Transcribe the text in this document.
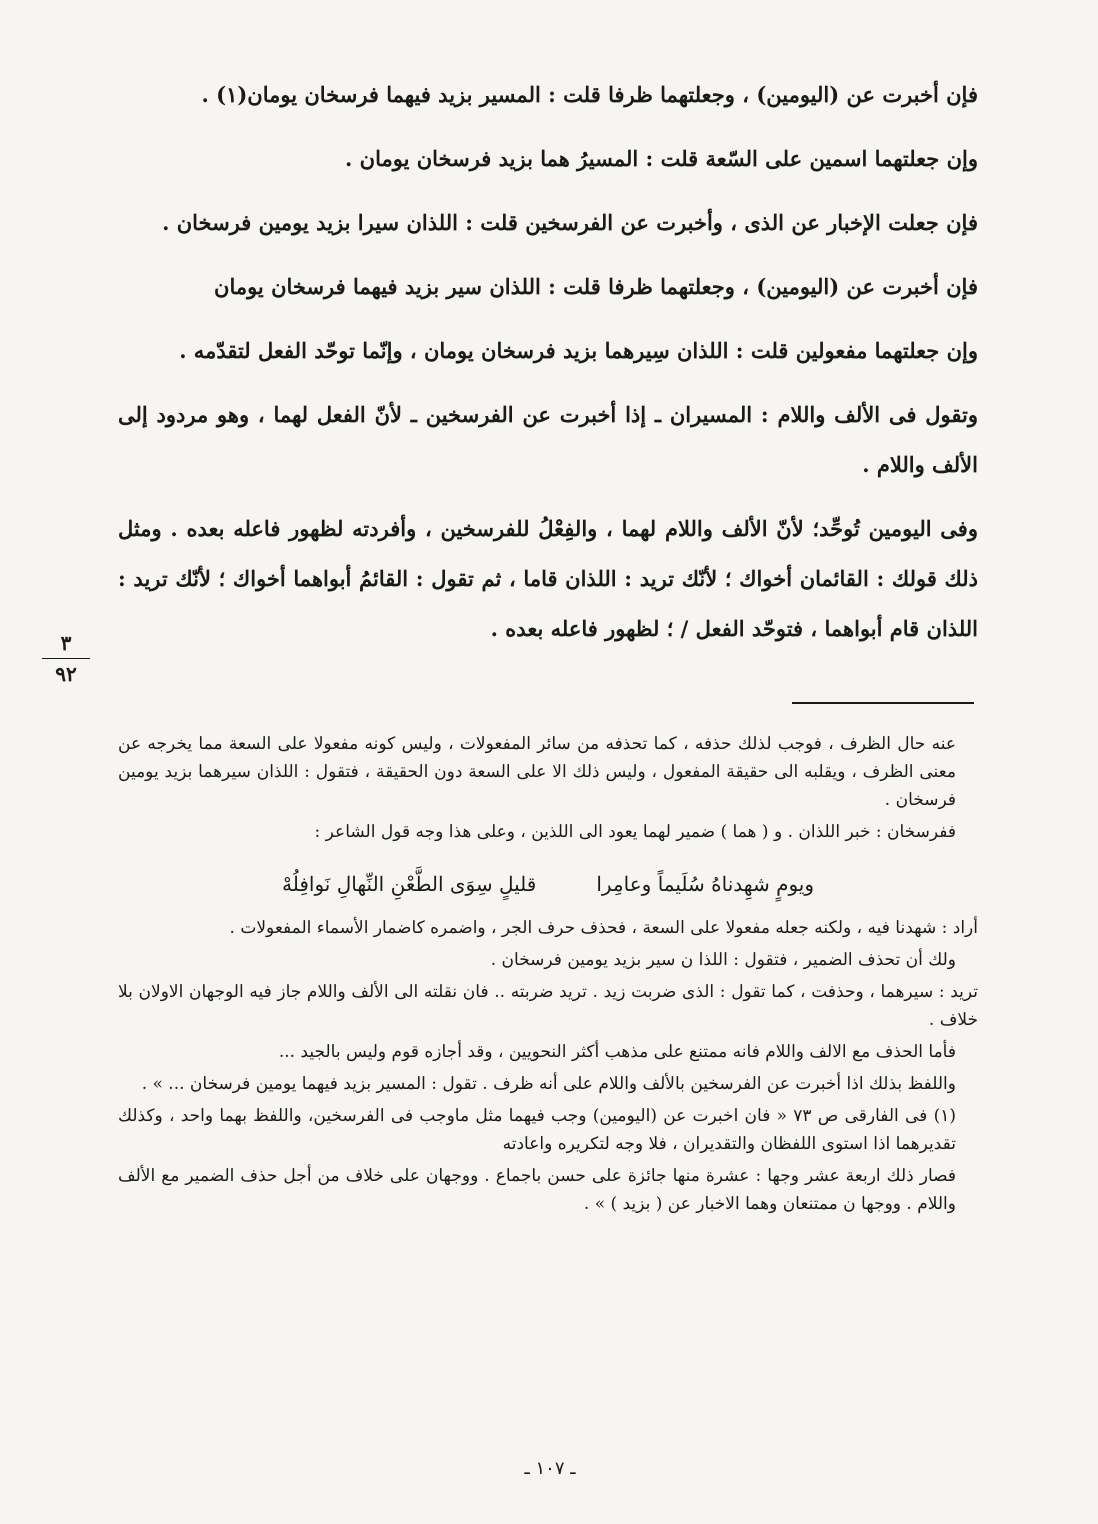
فإن أخبرت عن (اليومين) ، وجعلتهما ظرفا قلت : المسير بزيد فيهما فرسخان يومان(١) .

وإن جعلتهما اسمين على السّعة قلت : المسيرُ هما بزيد فرسخان يومان .

فإن جعلت الإخبار عن الذى ، وأخبرت عن الفرسخين قلت : اللذان سيرا بزيد يومين فرسخان .

فإن أخبرت عن (اليومين) ، وجعلتهما ظرفا قلت : اللذان سير بزيد فيهما فرسخان يومان

وإن جعلتهما مفعولين قلت : اللذان سِيرهما بزيد فرسخان يومان ، وإنّما توحّد الفعل لتقدّمه .

وتقول فى الألف واللام : المسيران ـ إذا أخبرت عن الفرسخين ـ لأنّ الفعل لهما ، وهو مردود إلى الألف واللام .

وفى اليومين تُوحِّد؛ لأنّ الألف واللام لهما ، والفِعْلُ للفرسخين ، وأفردته لظهور فاعله بعده . ومثل ذلك قولك : القائمان أخواك ؛ لأنّك تريد : اللذان قاما ، ثم تقول : القائمُ أبواهما أخواك ؛ لأنّك تريد : اللذان قام أبواهما ، فتوحّد الفعل / ؛ لظهور فاعله بعده .

٣
٩٢

عنه حال الظرف ، فوجب لذلك حذفه ، كما تحذفه من سائر المفعولات ، وليس كونه مفعولا على السعة مما يخرجه عن معنى الظرف ، ويقلبه الى حقيقة المفعول ، وليس ذلك الا على السعة دون الحقيقة ، فتقول : اللذان سيرهما بزيد يومين فرسخان .

ففرسخان : خبر اللذان . و ( هما ) ضمير لهما يعود الى اللذين ، وعلى هذا وجه قول الشاعر :

ويومٍ شهِدناهُ سُلَيماً وعامِرا
قليلٍ سِوَى الطَّعْنِ النِّهالِ نَوافِلُهْ

أراد : شهدنا فيه ، ولكنه جعله مفعولا على السعة ، فحذف حرف الجر ، واضمره كاضمار الأسماء المفعولات .

ولك أن تحذف الضمير ، فتقول : اللذا ن سير بزيد يومين فرسخان .

تريد : سيرهما ، وحذفت ، كما تقول : الذى ضربت زيد . تريد ضربته .. فان نقلته الى الألف واللام جاز فيه الوجهان الاولان بلا خلاف .

فأما الحذف مع الالف واللام فانه ممتنع على مذهب أكثر النحويين ، وقد أجازه قوم وليس بالجيد ...

واللفظ بذلك اذا أخبرت عن الفرسخين بالألف واللام على أنه ظرف . تقول : المسير بزيد فيهما يومين فرسخان ... » .

(١) فى الفارقى ص ٧٣ « فان اخبرت عن (اليومين) وجب فيهما مثل ماوجب فى الفرسخين، واللفظ بهما واحد ، وكذلك تقديرهما اذا استوى اللفظان والتقديران ، فلا وجه لتكريره واعادته

فصار ذلك اربعة عشر وجها : عشرة منها جائزة على حسن باجماع . ووجهان على خلاف من أجل حذف الضمير مع الألف واللام . ووجها ن ممتنعان وهما الاخبار عن ( بزيد ) » .

ـ ١٠٧ ـ
